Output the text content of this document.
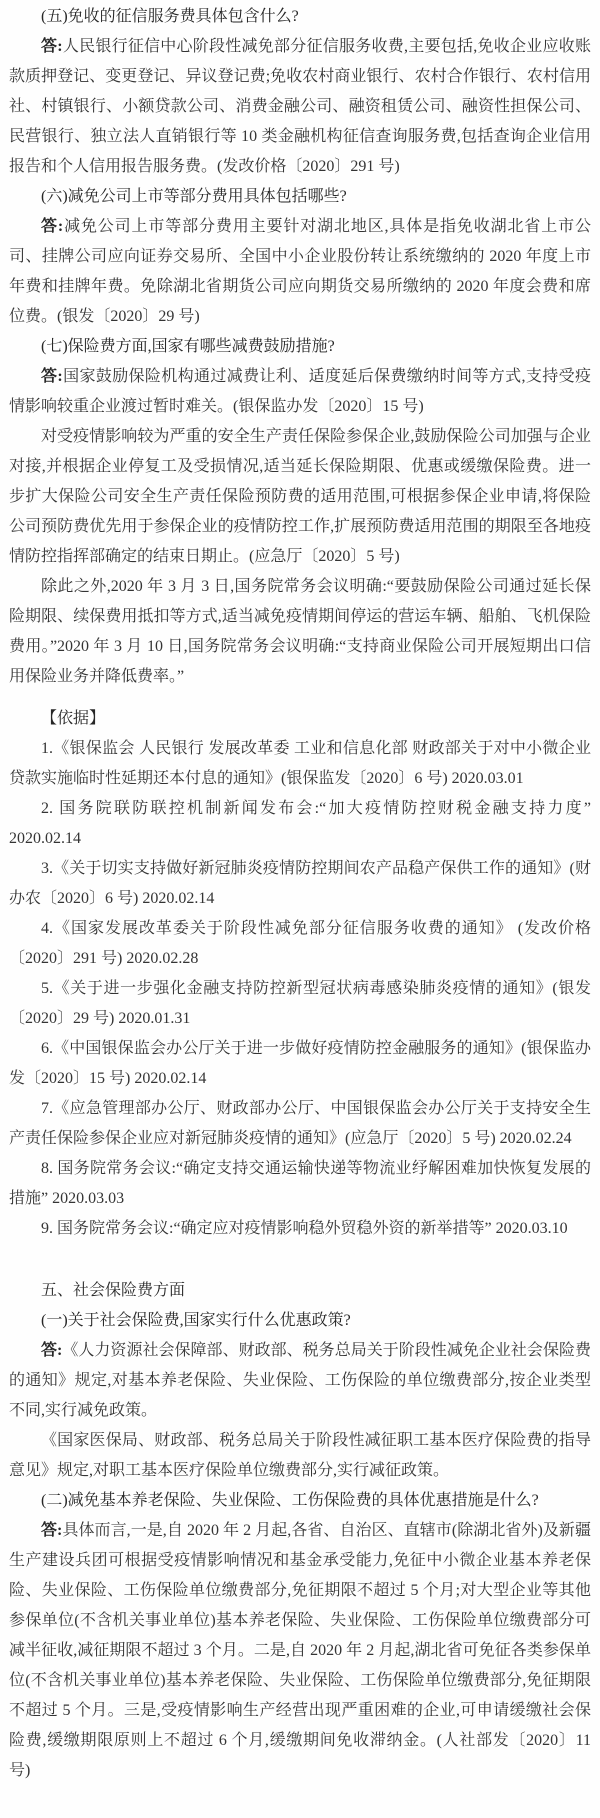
(五)免收的征信服务费具体包含什么?

答:人民银行征信中心阶段性减免部分征信服务收费,主要包括,免收企业应收账款质押登记、变更登记、异议登记费;免收农村商业银行、农村合作银行、农村信用社、村镇银行、小额贷款公司、消费金融公司、融资租赁公司、融资性担保公司、民营银行、独立法人直销银行等 10 类金融机构征信查询服务费,包括查询企业信用报告和个人信用报告服务费。(发改价格〔2020〕291 号)

(六)减免公司上市等部分费用具体包括哪些?

答:减免公司上市等部分费用主要针对湖北地区,具体是指免收湖北省上市公司、挂牌公司应向证券交易所、全国中小企业股份转让系统缴纳的 2020 年度上市年费和挂牌年费。免除湖北省期货公司应向期货交易所缴纳的 2020 年度会费和席位费。(银发〔2020〕29 号)

(七)保险费方面,国家有哪些减费鼓励措施?

答:国家鼓励保险机构通过减费让利、适度延后保费缴纳时间等方式,支持受疫情影响较重企业渡过暂时难关。(银保监办发〔2020〕15 号)

对受疫情影响较为严重的安全生产责任保险参保企业,鼓励保险公司加强与企业对接,并根据企业停复工及受损情况,适当延长保险期限、优惠或缓缴保险费。进一步扩大保险公司安全生产责任保险预防费的适用范围,可根据参保企业申请,将保险公司预防费优先用于参保企业的疫情防控工作,扩展预防费适用范围的期限至各地疫情防控指挥部确定的结束日期止。(应急厅〔2020〕5 号)

除此之外,2020 年 3 月 3 日,国务院常务会议明确:“要鼓励保险公司通过延长保险期限、续保费用抵扣等方式,适当减免疫情期间停运的营运车辆、船舶、飞机保险费用。”2020 年 3 月 10 日,国务院常务会议明确:“支持商业保险公司开展短期出口信用保险业务并降低费率。”

【依据】

1.《银保监会 人民银行 发展改革委 工业和信息化部 财政部关于对中小微企业贷款实施临时性延期还本付息的通知》(银保监发〔2020〕6 号) 2020.03.01

2. 国务院联防联控机制新闻发布会:“加大疫情防控财税金融支持力度” 2020.02.14

3.《关于切实支持做好新冠肺炎疫情防控期间农产品稳产保供工作的通知》(财办农〔2020〕6 号) 2020.02.14

4.《国家发展改革委关于阶段性减免部分征信服务收费的通知》 (发改价格〔2020〕291 号) 2020.02.28

5.《关于进一步强化金融支持防控新型冠状病毒感染肺炎疫情的通知》(银发〔2020〕29 号) 2020.01.31

6.《中国银保监会办公厅关于进一步做好疫情防控金融服务的通知》(银保监办发〔2020〕15 号) 2020.02.14

7.《应急管理部办公厅、财政部办公厅、中国银保监会办公厅关于支持安全生产责任保险参保企业应对新冠肺炎疫情的通知》(应急厅〔2020〕5 号) 2020.02.24

8. 国务院常务会议:“确定支持交通运输快递等物流业纾解困难加快恢复发展的措施” 2020.03.03

9. 国务院常务会议:“确定应对疫情影响稳外贸稳外资的新举措等” 2020.03.10

五、社会保险费方面
(一)关于社会保险费,国家实行什么优惠政策?

答:《人力资源社会保障部、财政部、税务总局关于阶段性减免企业社会保险费的通知》规定,对基本养老保险、失业保险、工伤保险的单位缴费部分,按企业类型不同,实行减免政策。

《国家医保局、财政部、税务总局关于阶段性减征职工基本医疗保险费的指导意见》规定,对职工基本医疗保险单位缴费部分,实行减征政策。

(二)减免基本养老保险、失业保险、工伤保险费的具体优惠措施是什么?

答:具体而言,一是,自 2020 年 2 月起,各省、自治区、直辖市(除湖北省外)及新疆生产建设兵团可根据受疫情影响情况和基金承受能力,免征中小微企业基本养老保险、失业保险、工伤保险单位缴费部分,免征期限不超过 5 个月;对大型企业等其他参保单位(不含机关事业单位)基本养老保险、失业保险、工伤保险单位缴费部分可减半征收,减征期限不超过 3 个月。二是,自 2020 年 2 月起,湖北省可免征各类参保单位(不含机关事业单位)基本养老保险、失业保险、工伤保险单位缴费部分,免征期限不超过 5 个月。三是,受疫情影响生产经营出现严重困难的企业,可申请缓缴社会保险费,缓缴期限原则上不超过 6 个月,缓缴期间免收滞纳金。(人社部发〔2020〕11 号)
